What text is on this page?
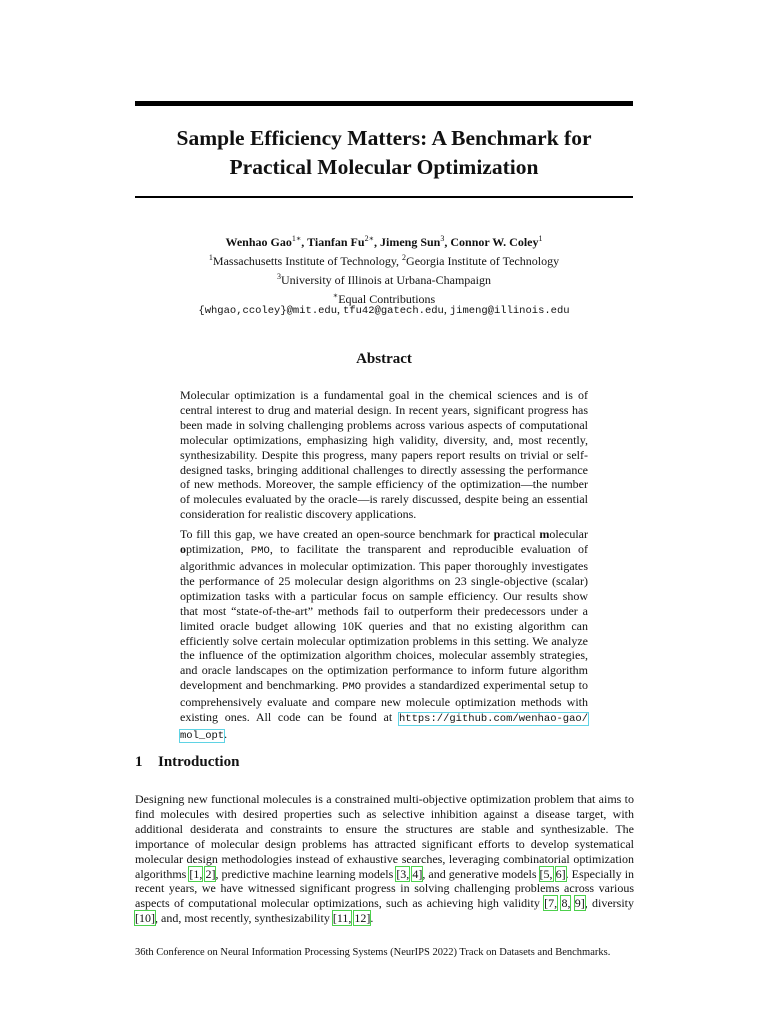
Sample Efficiency Matters: A Benchmark for
Practical Molecular Optimization
Wenhao Gao$^{1∗}$, Tianfan $Fu^{2∗}$, Jimeng Sun$^3$, Connor W. Coley$^1$
$^1$Massachusetts Institute of Technology, $^2$Georgia Institute of Technology
$^3$University of Illinois at Urbana-Champaign
∗Equal Contributions
{whgao,ccoley}@mit.edu, tfu42@gatech.edu, jimeng@illinois.edu
Abstract

Molecular optimization is a fundamental goal in the chemical sciences and is of central interest to drug and material design. In recent years, significant progress has been made in solving challenging problems across various aspects of computational molecular optimizations, emphasizing high validity, diversity, and, most recently, synthesizability. Despite this progress, many papers report results on trivial or self-designed tasks, bringing additional challenges to directly assessing the performance of new methods. Moreover, the sample efficiency of the optimization—the number of molecules evaluated by the oracle—is rarely discussed, despite being an essential consideration for realistic discovery applications.

To fill this gap, we have created an open-source benchmark for practical molecular optimization, PMO, to facilitate the transparent and reproducible evaluation of algorithmic advances in molecular optimization. This paper thoroughly investigates the performance of 25 molecular design algorithms on 23 single-objective (scalar) optimization tasks with a particular focus on sample efficiency. Our results show that most “state-of-the-art” methods fail to outperform their predecessors under a limited oracle budget allowing 10K queries and that no existing algorithm can efficiently solve certain molecular optimization problems in this setting. We analyze the influence of the optimization algorithm choices, molecular assembly strategies, and oracle landscapes on the optimization performance to inform future algorithm development and benchmarking. PMO provides a standardized experimental setup to comprehensively evaluate and compare new molecule optimization methods with existing ones. All code can be found at https://github.com/wenhao-gao/ mol_opt.

1 Introduction

Designing new functional molecules is a constrained multi-objective optimization problem that aims to find molecules with desired properties such as selective inhibition against a disease target, with additional desiderata and constraints to ensure the structures are stable and synthesizable. The importance of molecular design problems has attracted significant efforts to develop systematical molecular design methodologies instead of exhaustive searches, leveraging combinatorial optimization algorithms [1, 2], predictive machine learning models [3, 4], and generative models [5, 6]. Especially in recent years, we have witnessed significant progress in solving challenging problems across various aspects of computational molecular optimizations, such as achieving high validity [7, 8, 9], diversity [10], and, most recently, synthesizability [11, 12].

36th Conference on Neural Information Processing Systems (NeurIPS 2022) Track on Datasets and Benchmarks.
